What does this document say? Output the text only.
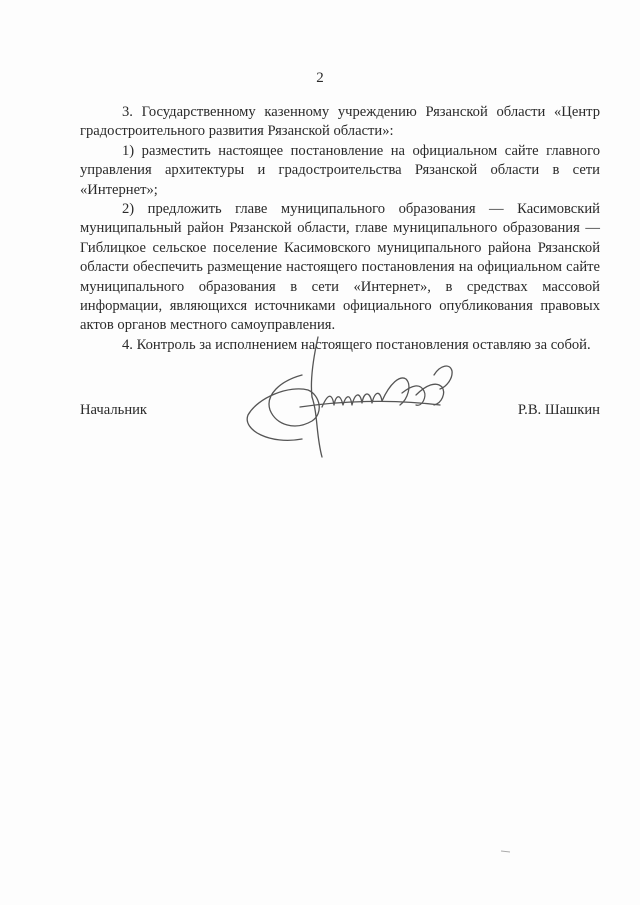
2

3. Государственному казенному учреждению Рязанской области «Центр градостроительного развития Рязанской области»:

1) разместить настоящее постановление на официальном сайте главного управления архитектуры и градостроительства Рязанской области в сети «Интернет»;

2) предложить главе муниципального образования — Касимовский муниципальный район Рязанской области, главе муниципального образования — Гиблицкое сельское поселение Касимовского муниципального района Рязанской области обеспечить размещение настоящего постановления на официальном сайте муниципального образования в сети «Интернет», в средствах массовой информации, являющихся источниками официального опубликования правовых актов органов местного самоуправления.

4. Контроль за исполнением настоящего постановления оставляю за собой.

Начальник	Р.В. Шашкин
